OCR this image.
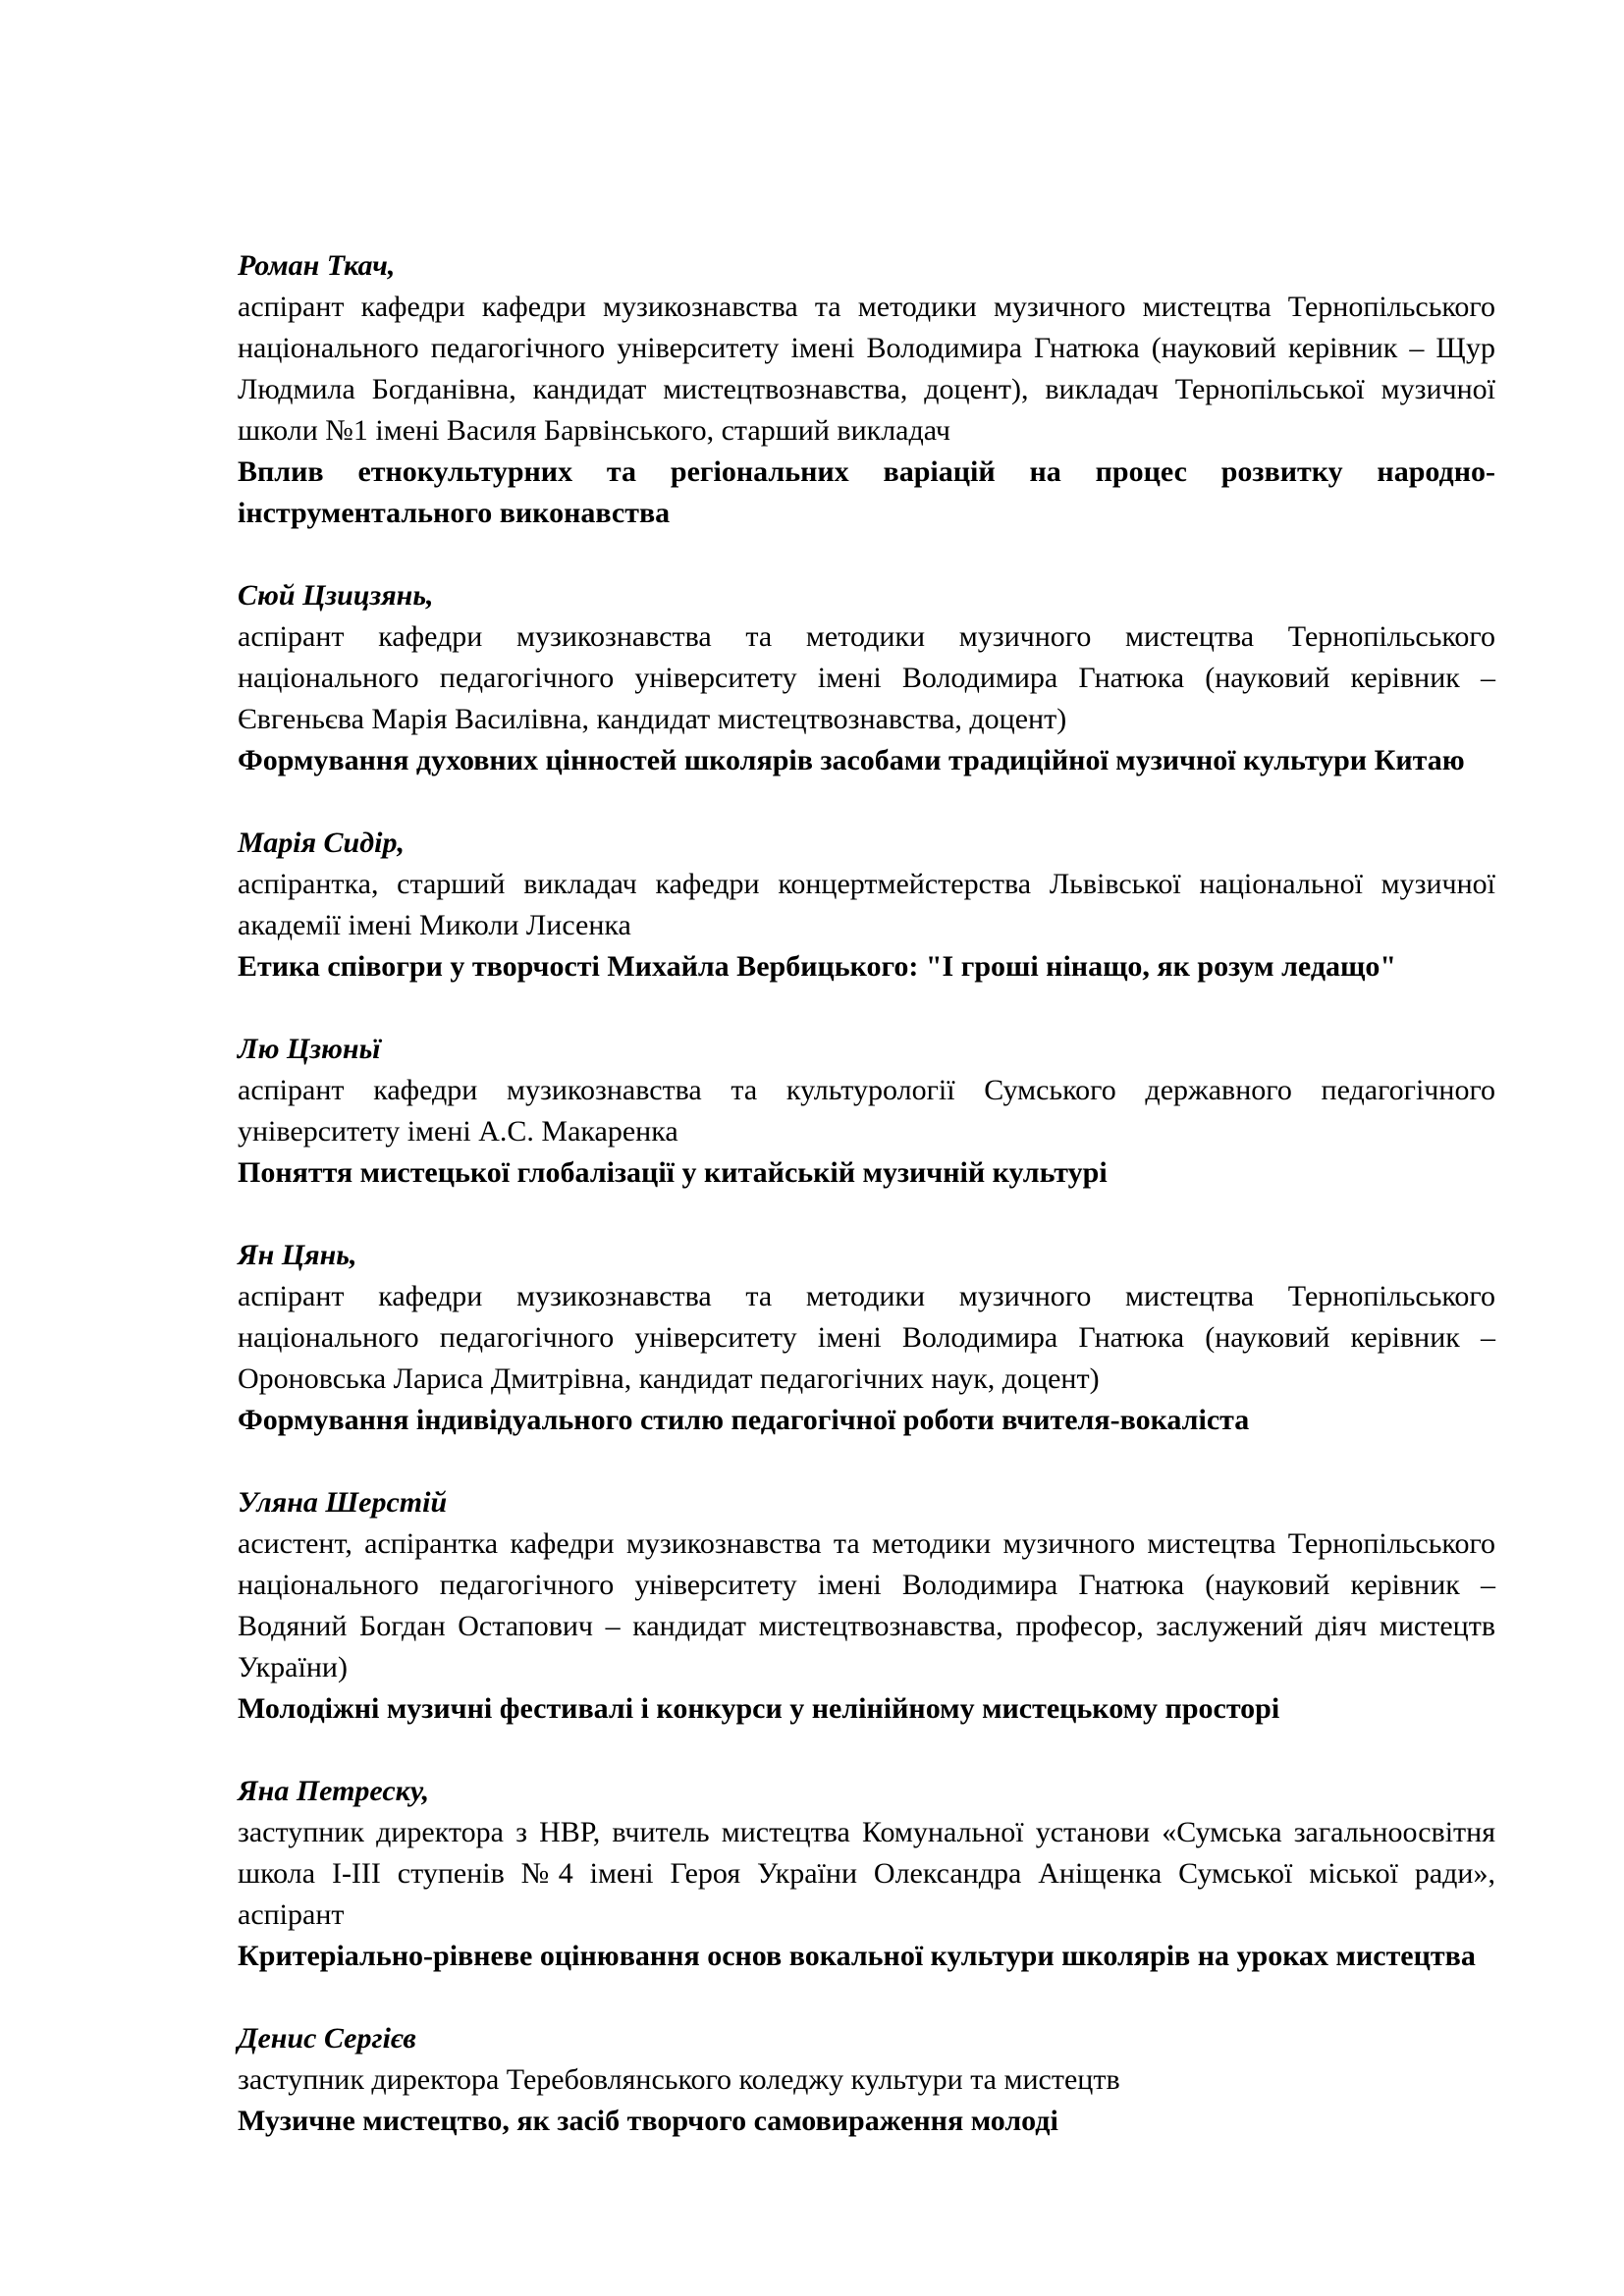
Роман Ткач,

аспірант кафедри кафедри музикознавства та методики музичного мистецтва Тернопільського національного педагогічного університету імені Володимира Гнатюка (науковий керівник – Щур Людмила Богданівна, кандидат мистецтвознавства, доцент), викладач Тернопільської музичної школи №1 імені Василя Барвінського, старший викладач

Вплив етнокультурних та регіональних варіацій на процес розвитку народно-інструментального виконавства

Сюй Цзицзянь,

аспірант кафедри музикознавства та методики музичного мистецтва Тернопільського національного педагогічного університету імені Володимира Гнатюка (науковий керівник – Євгеньєва Марія Василівна, кандидат мистецтвознавства, доцент)

Формування духовних цінностей школярів засобами традиційної музичної культури Китаю

Марія Сидір,

аспірантка, старший викладач кафедри концертмейстерства Львівської національної музичної академії імені Миколи Лисенка

Етика співогри у творчості Михайла Вербицького: "І гроші нінащо, як розум ледащо"

Лю Цзюньї

аспірант кафедри музикознавства та культурології Сумського державного педагогічного університету імені А.С. Макаренка

Поняття мистецької глобалізації у китайській музичній культурі

Ян Цянь,

аспірант кафедри музикознавства та методики музичного мистецтва Тернопільського національного педагогічного університету імені Володимира Гнатюка (науковий керівник – Ороновська Лариса Дмитрівна, кандидат педагогічних наук, доцент)

Формування індивідуального стилю педагогічної роботи вчителя-вокаліста

Уляна Шерстій

асистент, аспірантка кафедри музикознавства та методики музичного мистецтва Тернопільського національного педагогічного університету імені Володимира Гнатюка (науковий керівник – Водяний Богдан Остапович – кандидат мистецтвознавства, професор, заслужений діяч мистецтв України)

Молодіжні музичні фестивалі і конкурси у нелінійному мистецькому просторі

Яна Петреску,

заступник директора з НВР, вчитель мистецтва Комунальної установи «Сумська загальноосвітня школа І-ІІІ ступенів №4 імені Героя України Олександра Аніщенка Сумської міської ради», аспірант

Критеріально-рівневе оцінювання основ вокальної культури школярів на уроках мистецтва

Денис Сергієв

заступник директора Теребовлянського коледжу культури та мистецтв

Музичне мистецтво, як засіб творчого самовираження молоді
